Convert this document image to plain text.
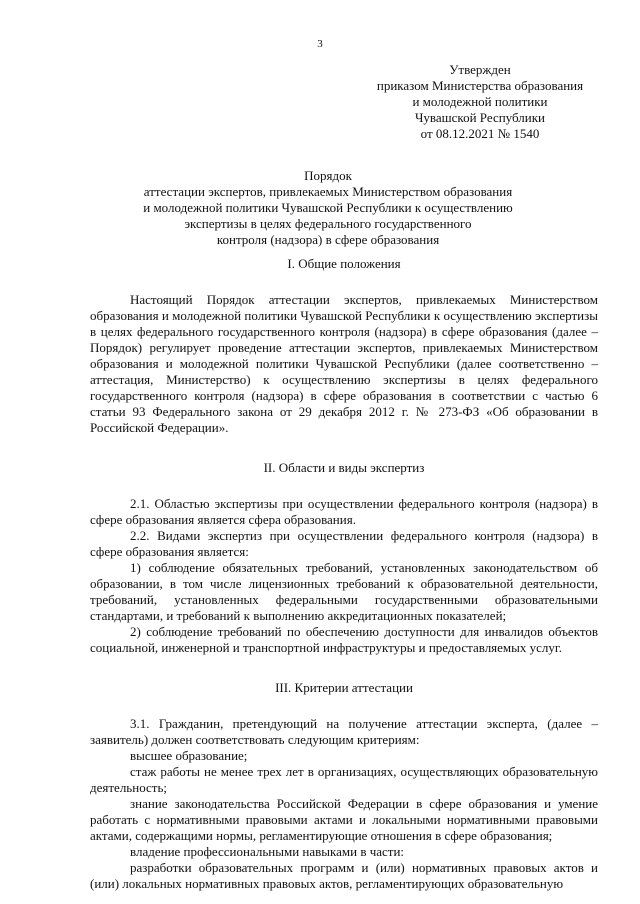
3
Утвержден
приказом Министерства образования
и молодежной политики
Чувашской Республики
от 08.12.2021 № 1540
Порядок
аттестации экспертов, привлекаемых Министерством образования
и молодежной политики Чувашской Республики к осуществлению
экспертизы в целях федерального государственного
контроля (надзора) в сфере образования
I. Общие положения

Настоящий Порядок аттестации экспертов, привлекаемых Министерством образования и молодежной политики Чувашской Республики к осуществлению экспертизы в целях федерального государственного контроля (надзора) в сфере образования (далее – Порядок) регулирует проведение аттестации экспертов, привлекаемых Министерством образования и молодежной политики Чувашской Республики (далее соответственно – аттестация, Министерство) к осуществлению экспертизы в целях федерального государственного контроля (надзора) в сфере образования в соответствии с частью 6 статьи 93 Федерального закона от 29 декабря 2012 г. № 273-ФЗ «Об образовании в Российской Федерации».

II. Области и виды экспертиз

2.1. Областью экспертизы при осуществлении федерального контроля (надзора) в сфере образования является сфера образования.

2.2. Видами экспертиз при осуществлении федерального контроля (надзора) в сфере образования является:

1) соблюдение обязательных требований, установленных законодательством об образовании, в том числе лицензионных требований к образовательной деятельности, требований, установленных федеральными государственными образовательными стандартами, и требований к выполнению аккредитационных показателей;

2) соблюдение требований по обеспечению доступности для инвалидов объектов социальной, инженерной и транспортной инфраструктуры и предоставляемых услуг.

III. Критерии аттестации

3.1. Гражданин, претендующий на получение аттестации эксперта, (далее – заявитель) должен соответствовать следующим критериям:

высшее образование;

стаж работы не менее трех лет в организациях, осуществляющих образовательную деятельность;

знание законодательства Российской Федерации в сфере образования и умение работать с нормативными правовыми актами и локальными нормативными правовыми актами, содержащими нормы, регламентирующие отношения в сфере образования;

владение профессиональными навыками в части:

разработки образовательных программ и (или) нормативных правовых актов и (или) локальных нормативных правовых актов, регламентирующих образовательную
